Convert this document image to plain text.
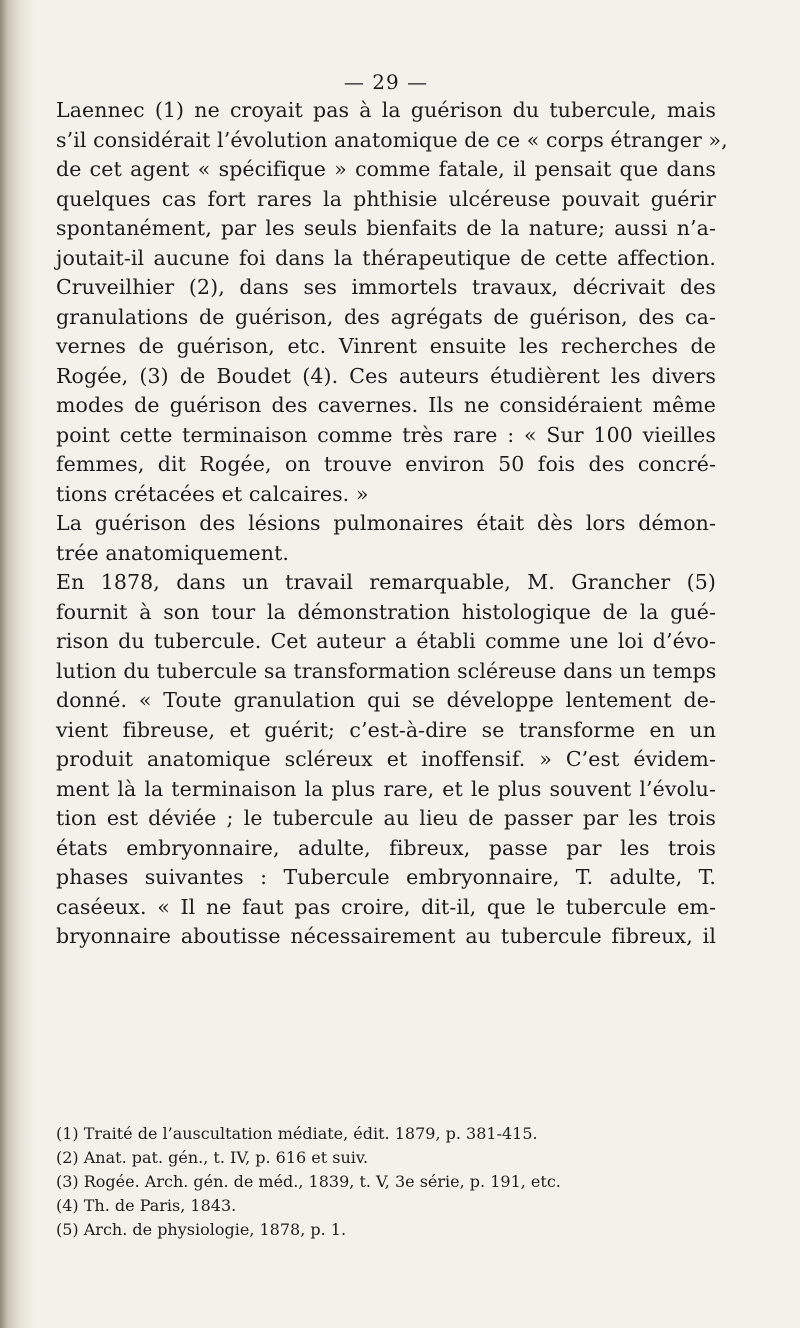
— 29 —
Laennec (1) ne croyait pas à la guérison du tubercule, mais
s’il considérait l’évolution anatomique de ce « corps étranger »,
de cet agent « spécifique » comme fatale, il pensait que dans
quelques cas fort rares la phthisie ulcéreuse pouvait guérir
spontanément, par les seuls bienfaits de la nature; aussi n’a-
joutait-il aucune foi dans la thérapeutique de cette affection.
Cruveilhier (2), dans ses immortels travaux, décrivait des
granulations de guérison, des agrégats de guérison, des ca-
vernes de guérison, etc. Vinrent ensuite les recherches de
Rogée, (3) de Boudet (4). Ces auteurs étudièrent les divers
modes de guérison des cavernes. Ils ne considéraient même
point cette terminaison comme très rare : « Sur 100 vieilles
femmes, dit Rogée, on trouve environ 50 fois des concré-
tions crétacées et calcaires. »
La guérison des lésions pulmonaires était dès lors démon-
trée anatomiquement.
En 1878, dans un travail remarquable, M. Grancher (5)
fournit à son tour la démonstration histologique de la gué-
rison du tubercule. Cet auteur a établi comme une loi d’évo-
lution du tubercule sa transformation scléreuse dans un temps
donné. « Toute granulation qui se développe lentement de-
vient fibreuse, et guérit; c’est-à-dire se transforme en un
produit anatomique scléreux et inoffensif. » C’est évidem-
ment là la terminaison la plus rare, et le plus souvent l’évolu-
tion est déviée ; le tubercule au lieu de passer par les trois
états embryonnaire, adulte, fibreux, passe par les trois
phases suivantes : Tubercule embryonnaire, T. adulte, T.
caséeux. « Il ne faut pas croire, dit-il, que le tubercule em-
bryonnaire aboutisse nécessairement au tubercule fibreux, il
(1) Traité de l’auscultation médiate, édit. 1879, p. 381-415.
(2) Anat. pat. gén., t. IV, p. 616 et suiv.
(3) Rogée. Arch. gén. de méd., 1839, t. V, 3e série, p. 191, etc.
(4) Th. de Paris, 1843.
(5) Arch. de physiologie, 1878, p. 1.
